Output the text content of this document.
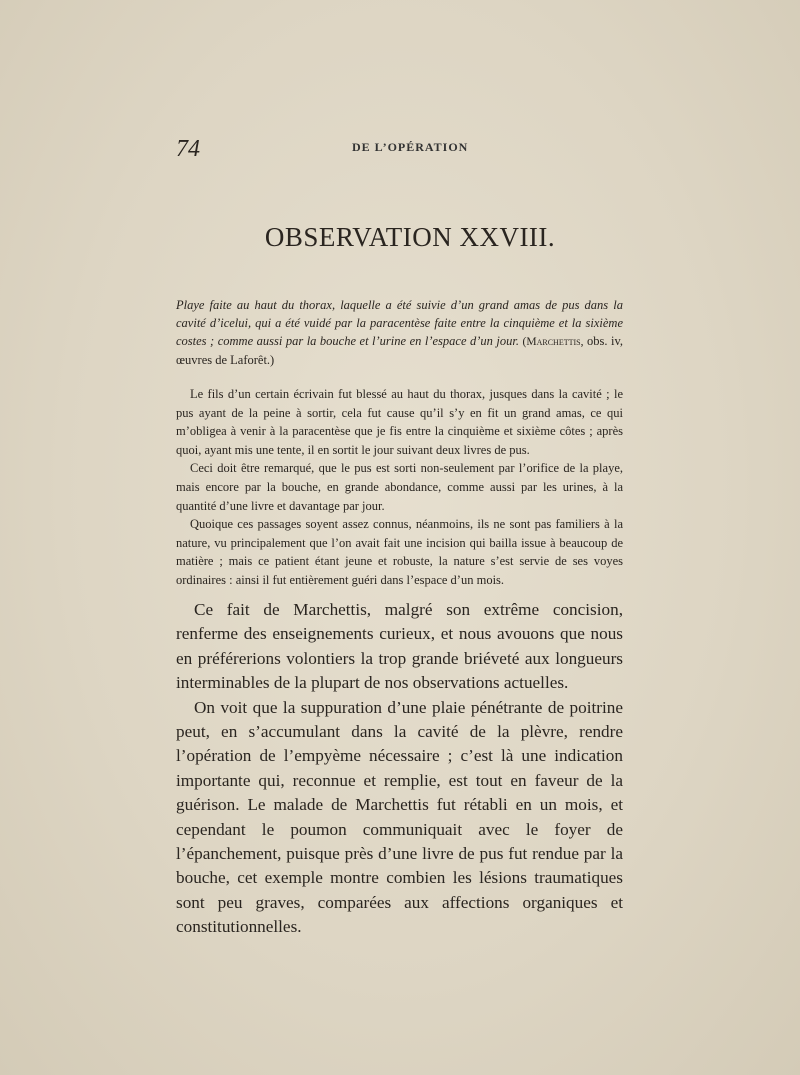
74	DE L’OPÉRATION
OBSERVATION XXVIII.
Playe faite au haut du thorax, laquelle a été suivie d’un grand amas de pus dans la cavité d’icelui, qui a été vuidé par la paracentèse faite entre la cinquième et la sixième costes ; comme aussi par la bouche et l’urine en l’espace d’un jour. (Marchettis, obs. iv, œuvres de Laforêt.)

Le fils d’un certain écrivain fut blessé au haut du thorax, jusques dans la cavité ; le pus ayant de la peine à sortir, cela fut cause qu’il s’y en fit un grand amas, ce qui m’obligea à venir à la paracentèse que je fis entre la cinquième et sixième côtes ; après quoi, ayant mis une tente, il en sortit le jour suivant deux livres de pus.

Ceci doit être remarqué, que le pus est sorti non-seulement par l’orifice de la playe, mais encore par la bouche, en grande abondance, comme aussi par les urines, à la quantité d’une livre et davantage par jour.

Quoique ces passages soyent assez connus, néanmoins, ils ne sont pas familiers à la nature, vu principalement que l’on avait fait une incision qui bailla issue à beaucoup de matière ; mais ce patient étant jeune et robuste, la nature s’est servie de ses voyes ordinaires : ainsi il fut entièrement guéri dans l’espace d’un mois.

Ce fait de Marchettis, malgré son extrême concision, renferme des enseignements curieux, et nous avouons que nous en préférerions volontiers la trop grande briéveté aux longueurs interminables de la plupart de nos observations actuelles.

On voit que la suppuration d’une plaie pénétrante de poitrine peut, en s’accumulant dans la cavité de la plèvre, rendre l’opération de l’empyème nécessaire ; c’est là une indication importante qui, reconnue et remplie, est tout en faveur de la guérison. Le malade de Marchettis fut rétabli en un mois, et cependant le poumon communiquait avec le foyer de l’épanchement, puisque près d’une livre de pus fut rendue par la bouche, cet exemple montre combien les lésions traumatiques sont peu graves, comparées aux affections organiques et constitutionnelles.
